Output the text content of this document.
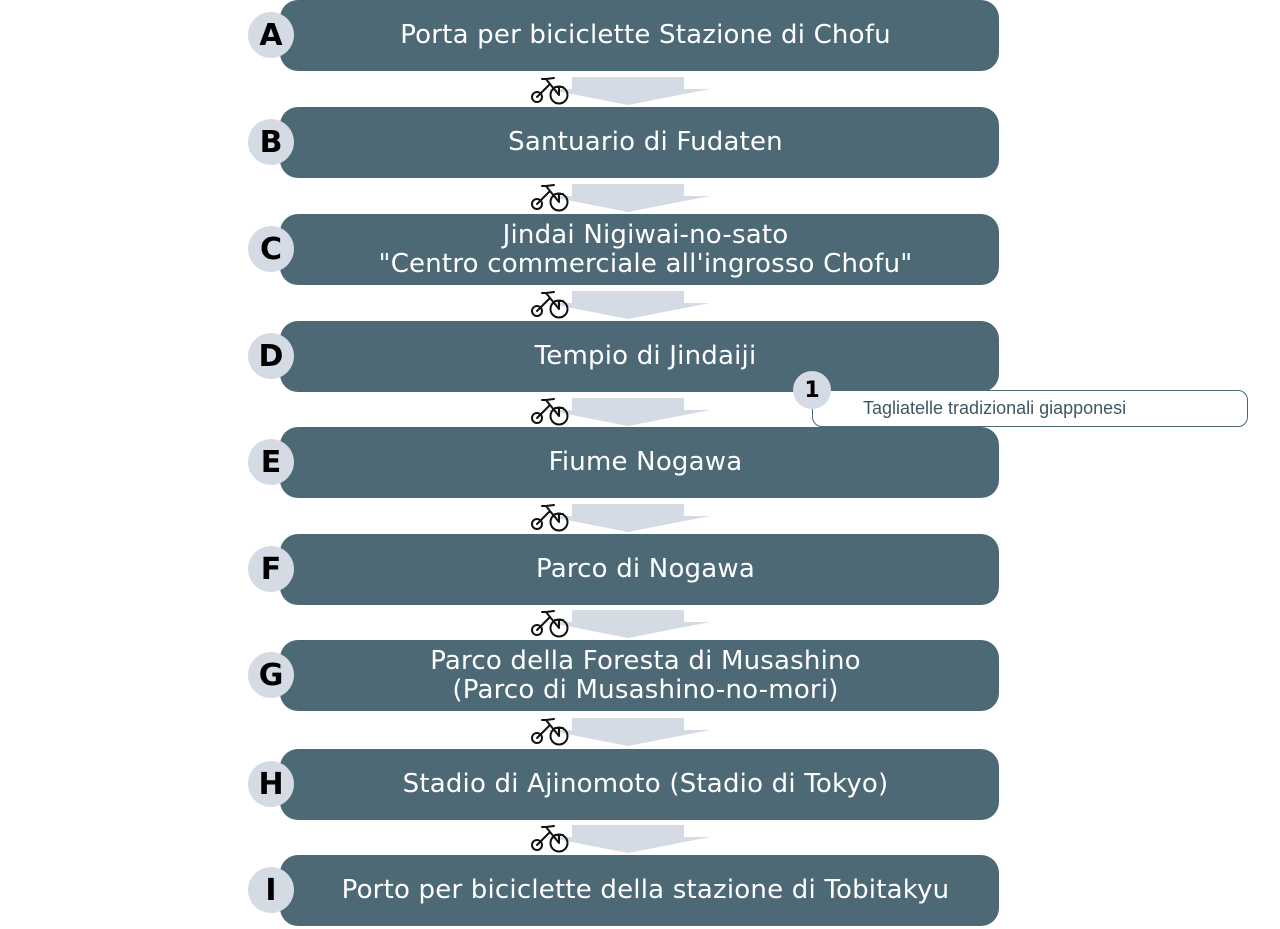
Porta per biciclette Stazione di Chofu
A
Santuario di Fudaten
B
Jindai Nigiwai-no-sato
"Centro commerciale all'ingrosso Chofu"
C
Tempio di Jindaiji
D
Fiume Nogawa
E
Parco di Nogawa
F
Parco della Foresta di Musashino
(Parco di Musashino-no-mori)
G
Stadio di Ajinomoto (Stadio di Tokyo)
H
Porto per biciclette della stazione di Tobitakyu
I
Tagliatelle tradizionali giapponesi
1
